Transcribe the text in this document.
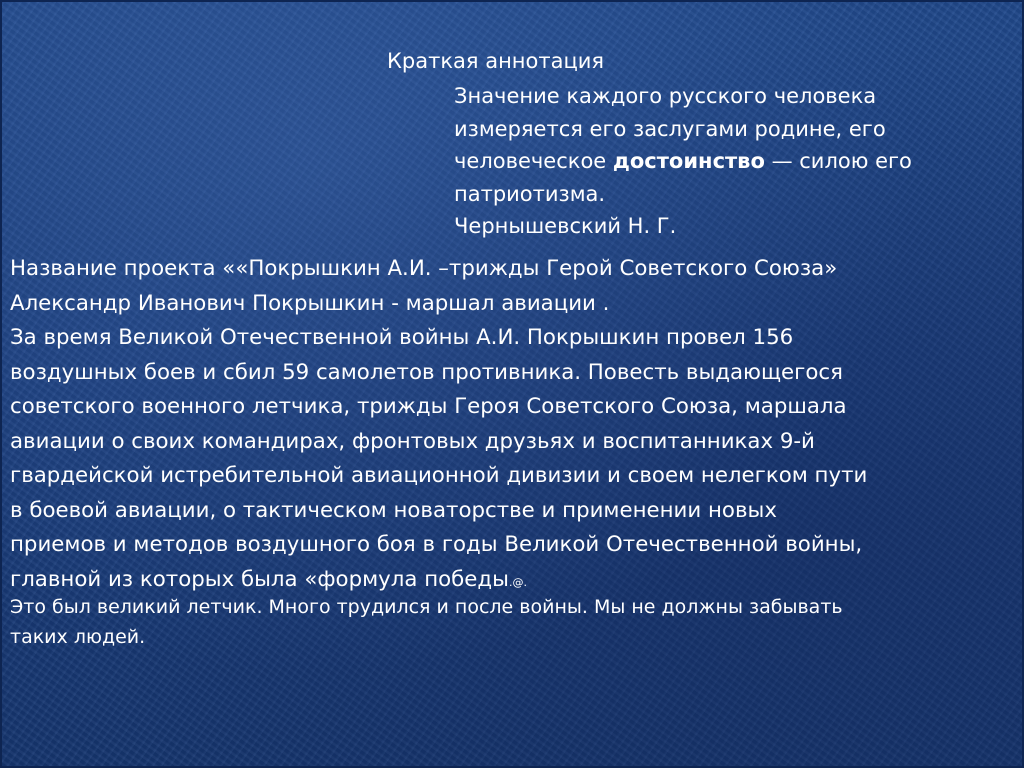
Краткая аннотация
Значение каждого русского человека
измеряется его заслугами родине, его
человеческое достоинство — силою его
патриотизма.
Чернышевский Н. Г.
Название проекта ««Покрышкин А.И. –трижды Герой Советского Союза»
Александр Иванович Покрышкин - маршал авиации .
За время Великой Отечественной войны А.И. Покрышкин провел 156
воздушных боев и сбил 59 самолетов противника. Повесть выдающегося
советского военного летчика, трижды Героя Советского Союза, маршала
авиации о своих командирах, фронтовых друзьях и воспитанниках 9-й
гвардейской истребительной авиационной дивизии и своем нелегком пути
в боевой авиации, о тактическом новаторстве и применении новых
приемов и методов воздушного боя в годы Великой Отечественной войны,
главной из которых была «формула победы.@.
Это был великий летчик. Много трудился и после войны. Мы не должны забывать
таких людей.
